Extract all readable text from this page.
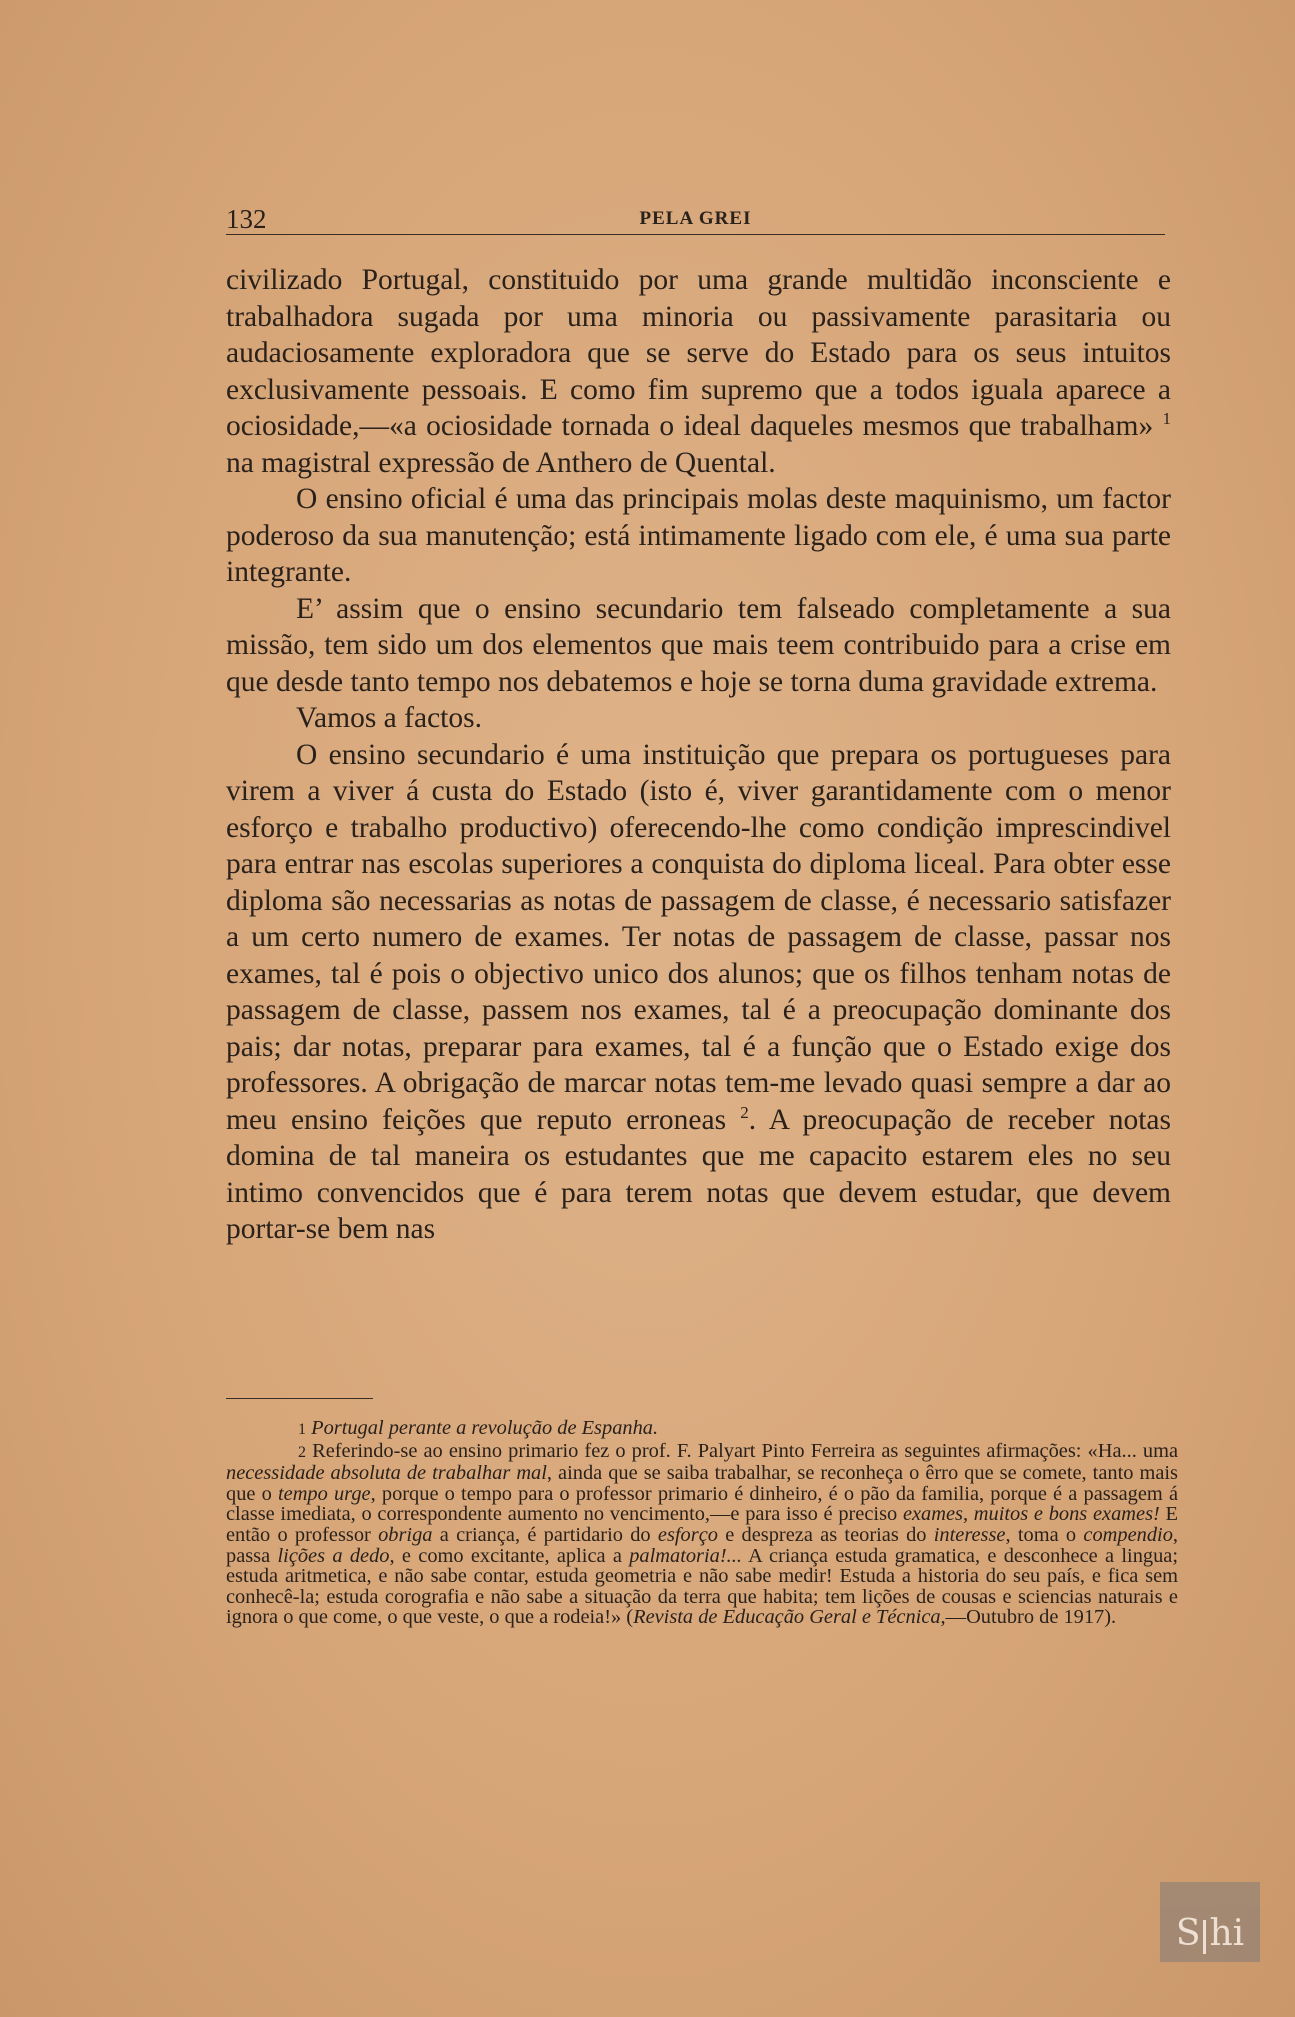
132	PELA GREI

civilizado Portugal, constituido por uma grande multidão inconsciente e trabalhadora sugada por uma minoria ou passivamente parasitaria ou audaciosamente exploradora que se serve do Estado para os seus intuitos exclusivamente pessoais. E como fim supremo que a todos iguala aparece a ociosidade,—«a ociosidade tornada o ideal daqueles mesmos que trabalham» $^1$ na magistral expressão de Anthero de Quental.

O ensino oficial é uma das principais molas deste maquinismo, um factor poderoso da sua manutenção; está intimamente ligado com ele, é uma sua parte integrante.

E’ assim que o ensino secundario tem falseado completamente a sua missão, tem sido um dos elementos que mais teem contribuido para a crise em que desde tanto tempo nos debatemos e hoje se torna duma gravidade extrema.

Vamos a factos.

O ensino secundario é uma instituição que prepara os portugueses para virem a viver á custa do Estado (isto é, viver garantidamente com o menor esforço e trabalho productivo) oferecendo-lhe como condição imprescindivel para entrar nas escolas superiores a conquista do diploma liceal. Para obter esse diploma são necessarias as notas de passagem de classe, é necessario satisfazer a um certo numero de exames. Ter notas de passagem de classe, passar nos exames, tal é pois o objectivo unico dos alunos; que os filhos tenham notas de passagem de classe, passem nos exames, tal é a preocupação dominante dos pais; dar notas, preparar para exames, tal é a função que o Estado exige dos professores. A obrigação de marcar notas tem-me levado quasi sempre a dar ao meu ensino feições que reputo erroneas $^2$. A preocupação de receber notas domina de tal maneira os estudantes que me capacito estarem eles no seu intimo convencidos que é para terem notas que devem estudar, que devem portar-se bem nas

1 Portugal perante a revolução de Espanha.

2 Referindo-se ao ensino primario fez o prof. F. Palyart Pinto Ferreira as seguintes afirmações: «Ha... uma necessidade absoluta de trabalhar mal, ainda que se saiba trabalhar, se reconheça o êrro que se comete, tanto mais que o tempo urge, porque o tempo para o professor primario é dinheiro, é o pão da familia, porque é a passagem á classe imediata, o correspondente aumento no vencimento,—e para isso é preciso exames, muitos e bons exames! E então o professor obriga a criança, é partidario do esforço e despreza as teorias do interesse, toma o compendio, passa lições a dedo, e como excitante, aplica a palmatoria!... A criança estuda gramatica, e desconhece a lingua; estuda aritmetica, e não sabe contar, estuda geometria e não sabe medir! Estuda a historia do seu país, e fica sem conhecê-la; estuda corografia e não sabe a situação da terra que habita; tem lições de cousas e sciencias naturais e ignora o que come, o que veste, o que a rodeia!» (Revista de Educação Geral e Técnica,—Outubro de 1917).

S hi
